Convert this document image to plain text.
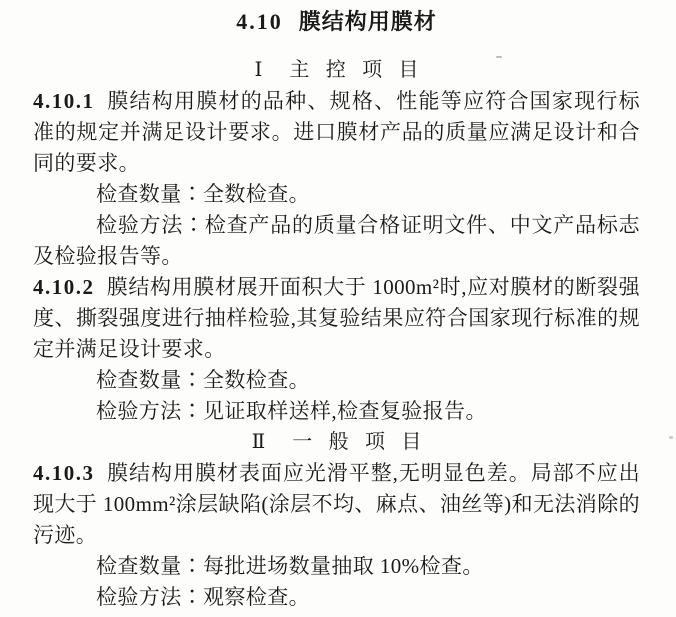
4.10 膜结构用膜材
Ⅰ 主控项目

4.10.1 膜结构用膜材的品种、规格、性能等应符合国家现行标准的规定并满足设计要求。进口膜材产品的质量应满足设计和合同的要求。

检查数量∶全数检查。

检验方法∶检查产品的质量合格证明文件、中文产品标志及检验报告等。

4.10.2 膜结构用膜材展开面积大于 1000m²时,应对膜材的断裂强度、撕裂强度进行抽样检验,其复验结果应符合国家现行标准的规定并满足设计要求。

检查数量∶全数检查。

检验方法∶见证取样送样,检查复验报告。

Ⅱ 一般项目

4.10.3 膜结构用膜材表面应光滑平整,无明显色差。局部不应出现大于 100mm²涂层缺陷(涂层不均、麻点、油丝等)和无法消除的污迹。

检查数量∶每批进场数量抽取 10%检查。

检验方法∶观察检查。
